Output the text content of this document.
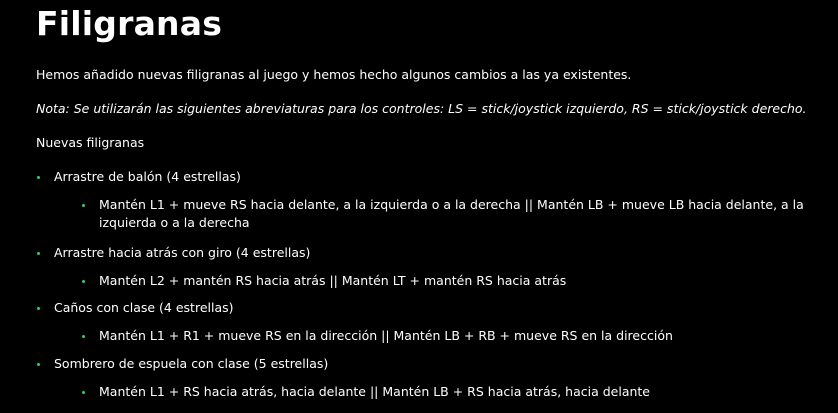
Filigranas

Hemos añadido nuevas filigranas al juego y hemos hecho algunos cambios a las ya existentes.

Nota: Se utilizarán las siguientes abreviaturas para los controles: LS = stick/joystick izquierdo, RS = stick/joystick derecho.

Nuevas filigranas

Arrastre de balón (4 estrellas)
Mantén L1 + mueve RS hacia delante, a la izquierda o a la derecha || Mantén LB + mueve LB hacia delante, a la izquierda o a la derecha
Arrastre hacia atrás con giro (4 estrellas)
Mantén L2 + mantén RS hacia atrás || Mantén LT + mantén RS hacia atrás
Caños con clase (4 estrellas)
Mantén L1 + R1 + mueve RS en la dirección || Mantén LB + RB + mueve RS en la dirección
Sombrero de espuela con clase (5 estrellas)
Mantén L1 + RS hacia atrás, hacia delante || Mantén LB + RS hacia atrás, hacia delante
